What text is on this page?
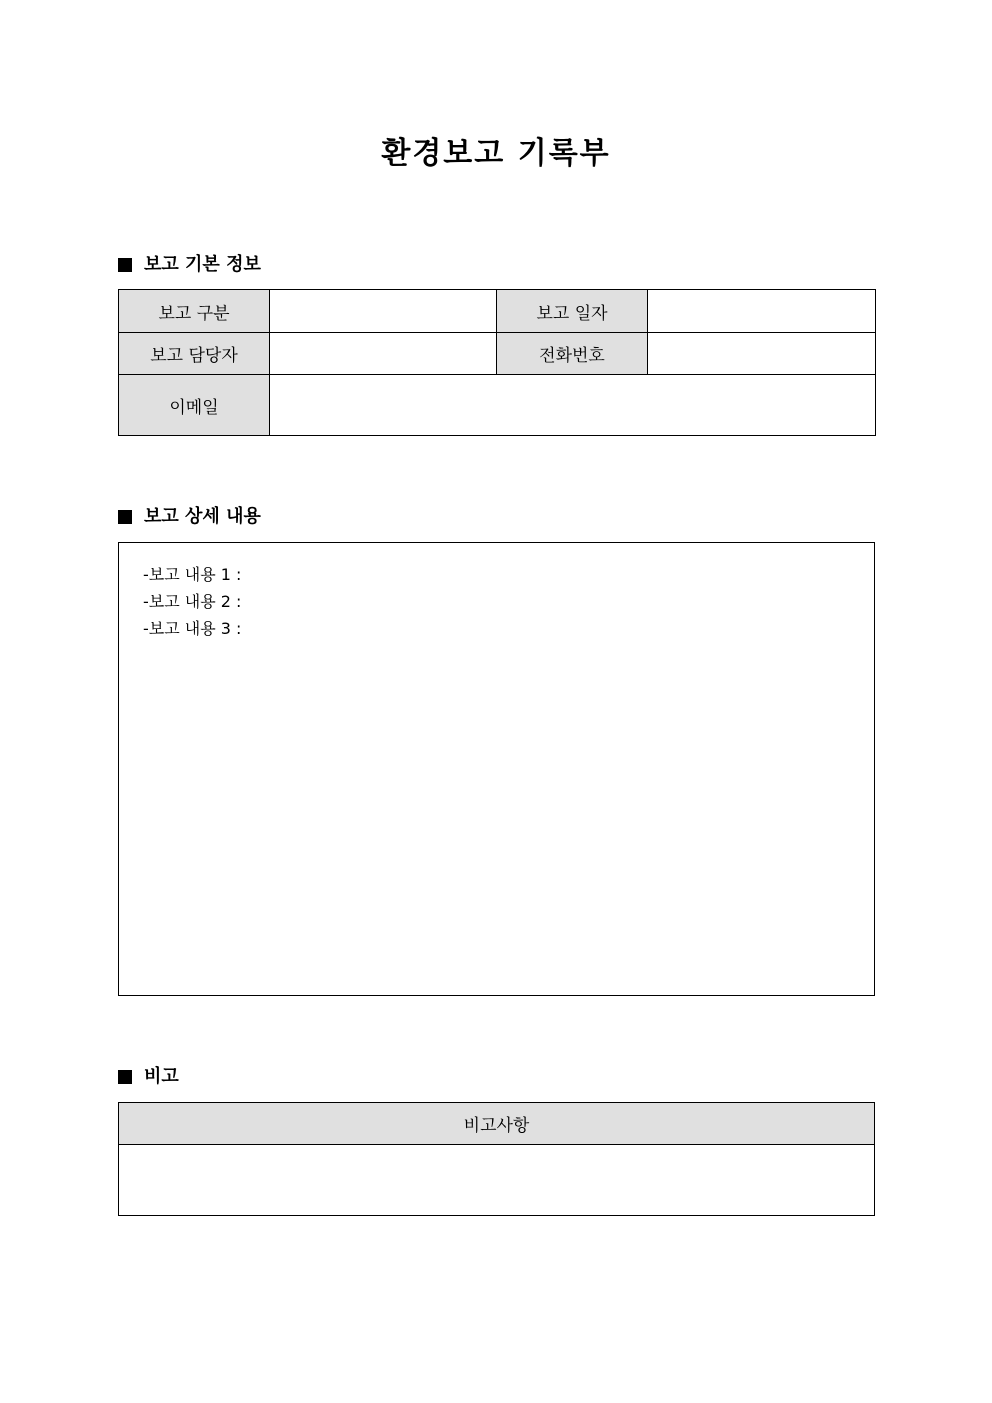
환경보고 기록부
보고 기본 정보
보고 구분		보고 일자	
보고 담당자		전화번호	
이메일			
보고 상세 내용
-보고 내용 1 :
-보고 내용 2 :
-보고 내용 3 :
비고
비고사항
